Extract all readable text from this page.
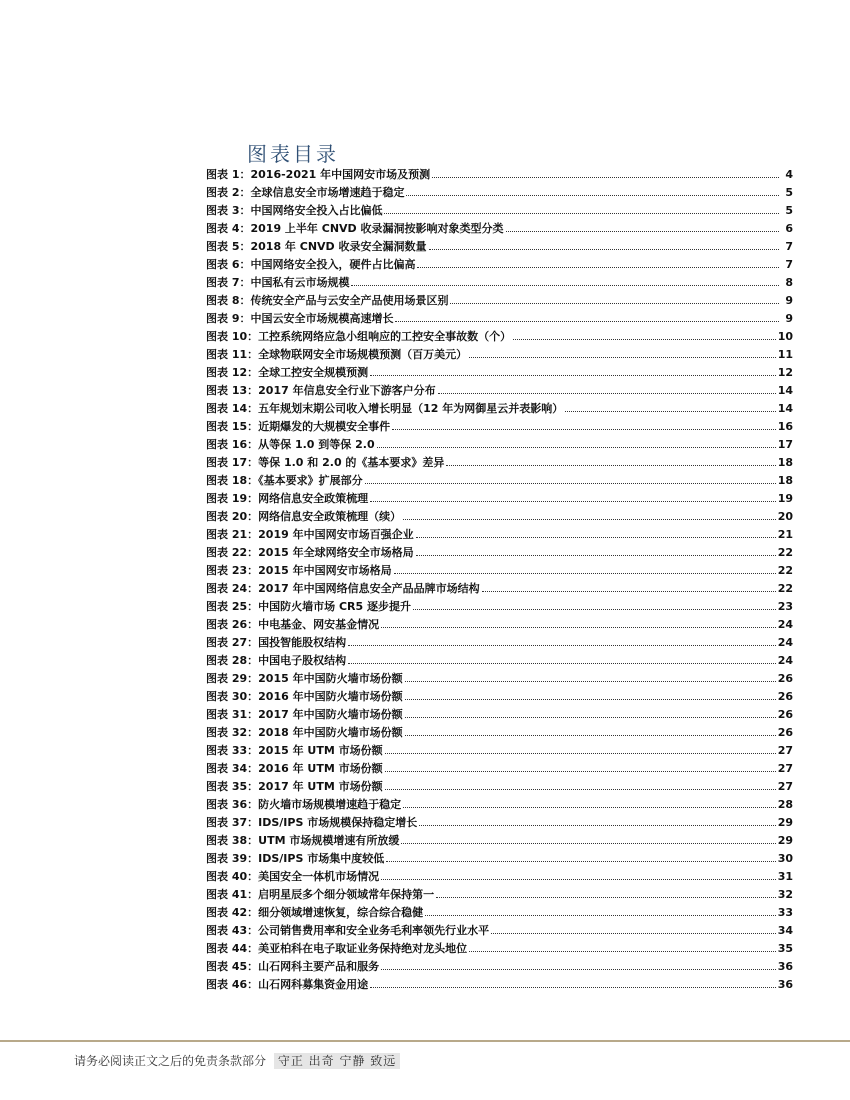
图表目录
图表 1：2016-2021 年中国网安市场及预测	4
图表 2：全球信息安全市场增速趋于稳定	5
图表 3：中国网络安全投入占比偏低	5
图表 4：2019 上半年 CNVD 收录漏洞按影响对象类型分类	6
图表 5：2018 年 CNVD 收录安全漏洞数量	7
图表 6：中国网络安全投入，硬件占比偏高	7
图表 7：中国私有云市场规模	8
图表 8：传统安全产品与云安全产品使用场景区别	9
图表 9：中国云安全市场规模高速增长	9
图表 10：工控系统网络应急小组响应的工控安全事故数（个）	10
图表 11：全球物联网安全市场规模预测（百万美元）	11
图表 12：全球工控安全规模预测	12
图表 13：2017 年信息安全行业下游客户分布	14
图表 14：五年规划末期公司收入增长明显（12 年为网御星云并表影响）	14
图表 15：近期爆发的大规模安全事件	16
图表 16：从等保 1.0 到等保 2.0	17
图表 17：等保 1.0 和 2.0 的《基本要求》差异	18
图表 18：《基本要求》扩展部分	18
图表 19：网络信息安全政策梳理	19
图表 20：网络信息安全政策梳理（续）	20
图表 21：2019 年中国网安市场百强企业	21
图表 22：2015 年全球网络安全市场格局	22
图表 23：2015 年中国网安市场格局	22
图表 24：2017 年中国网络信息安全产品品牌市场结构	22
图表 25：中国防火墙市场 CR5 逐步提升	23
图表 26：中电基金、网安基金情况	24
图表 27：国投智能股权结构	24
图表 28：中国电子股权结构	24
图表 29：2015 年中国防火墙市场份额	26
图表 30：2016 年中国防火墙市场份额	26
图表 31：2017 年中国防火墙市场份额	26
图表 32：2018 年中国防火墙市场份额	26
图表 33：2015 年 UTM 市场份额	27
图表 34：2016 年 UTM 市场份额	27
图表 35：2017 年 UTM 市场份额	27
图表 36：防火墙市场规模增速趋于稳定	28
图表 37：IDS/IPS 市场规模保持稳定增长	29
图表 38：UTM 市场规模增速有所放缓	29
图表 39：IDS/IPS 市场集中度较低	30
图表 40：美国安全一体机市场情况	31
图表 41：启明星辰多个细分领域常年保持第一	32
图表 42：细分领域增速恢复，综合综合稳健	33
图表 43：公司销售费用率和安全业务毛利率领先行业水平	34
图表 44：美亚柏科在电子取证业务保持绝对龙头地位	35
图表 45：山石网科主要产品和服务	36
图表 46：山石网科募集资金用途	36
请务必阅读正文之后的免责条款部分 守正 出奇 宁静 致远
